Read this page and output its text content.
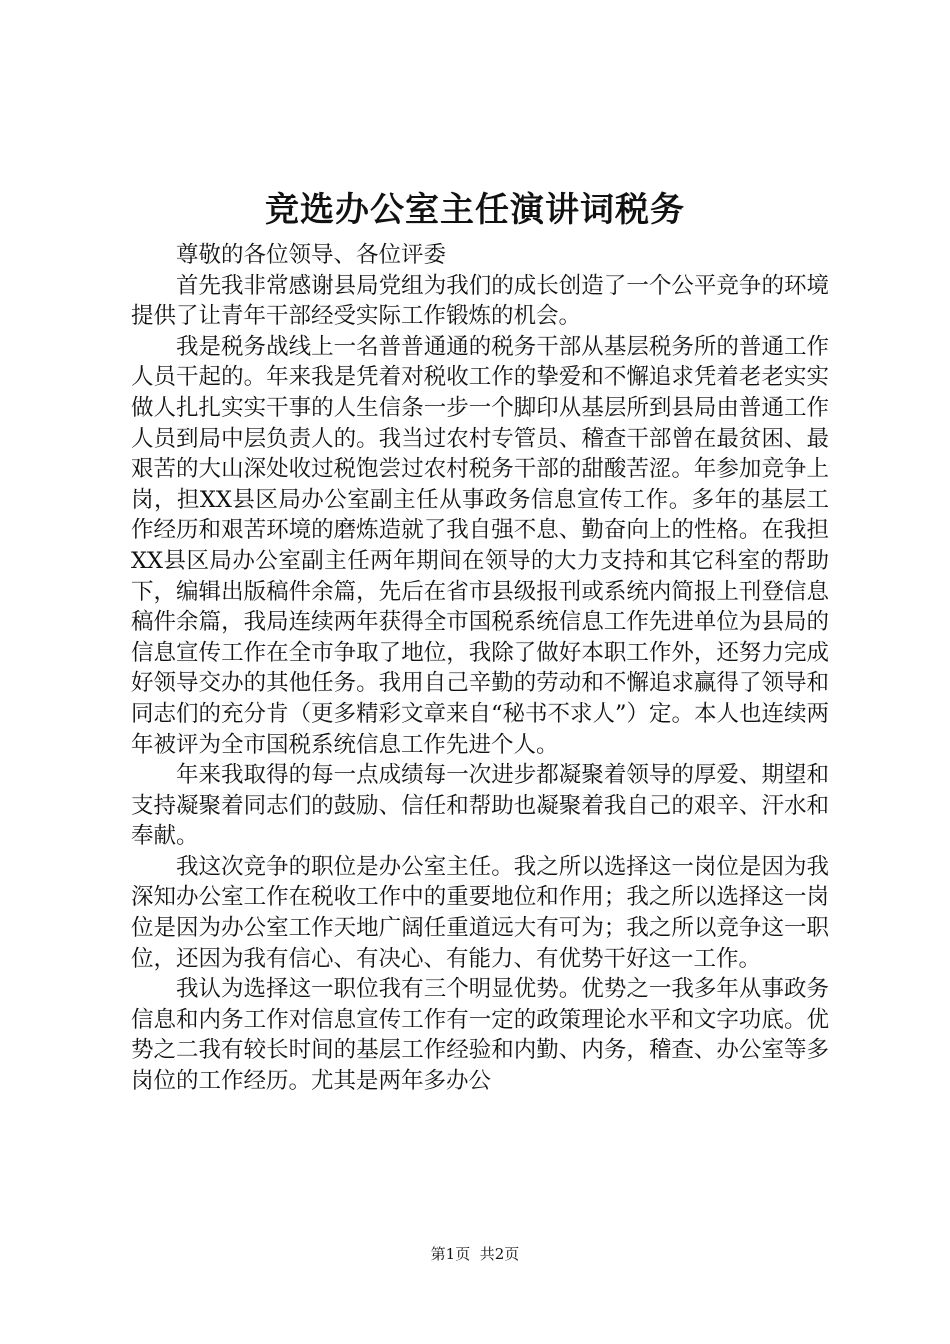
竞选办公室主任演讲词税务

尊敬的各位领导、各位评委

首先我非常感谢县局党组为我们的成长创造了一个公平竞争的环境提供了让青年干部经受实际工作锻炼的机会。

我是税务战线上一名普普通通的税务干部从基层税务所的普通工作人员干起的。年来我是凭着对税收工作的挚爱和不懈追求凭着老老实实做人扎扎实实干事的人生信条一步一个脚印从基层所到县局由普通工作人员到局中层负责人的。我当过农村专管员、稽查干部曾在最贫困、最艰苦的大山深处收过税饱尝过农村税务干部的甜酸苦涩。年参加竞争上岗，担XX县区局办公室副主任从事政务信息宣传工作。多年的基层工作经历和艰苦环境的磨炼造就了我自强不息、勤奋向上的性格。在我担XX县区局办公室副主任两年期间在领导的大力支持和其它科室的帮助下，编辑出版稿件余篇，先后在省市县级报刊或系统内简报上刊登信息稿件余篇，我局连续两年获得全市国税系统信息工作先进单位为县局的信息宣传工作在全市争取了地位，我除了做好本职工作外，还努力完成好领导交办的其他任务。我用自己辛勤的劳动和不懈追求赢得了领导和同志们的充分肯（更多精彩文章来自“秘书不求人”）定。本人也连续两年被评为全市国税系统信息工作先进个人。

年来我取得的每一点成绩每一次进步都凝聚着领导的厚爱、期望和支持凝聚着同志们的鼓励、信任和帮助也凝聚着我自己的艰辛、汗水和奉献。

我这次竞争的职位是办公室主任。我之所以选择这一岗位是因为我深知办公室工作在税收工作中的重要地位和作用；我之所以选择这一岗位是因为办公室工作天地广阔任重道远大有可为；我之所以竞争这一职位，还因为我有信心、有决心、有能力、有优势干好这一工作。

我认为选择这一职位我有三个明显优势。优势之一我多年从事政务信息和内务工作对信息宣传工作有一定的政策理论水平和文字功底。优势之二我有较长时间的基层工作经验和内勤、内务，稽查、办公室等多岗位的工作经历。尤其是两年多办公

第1页 共2页
